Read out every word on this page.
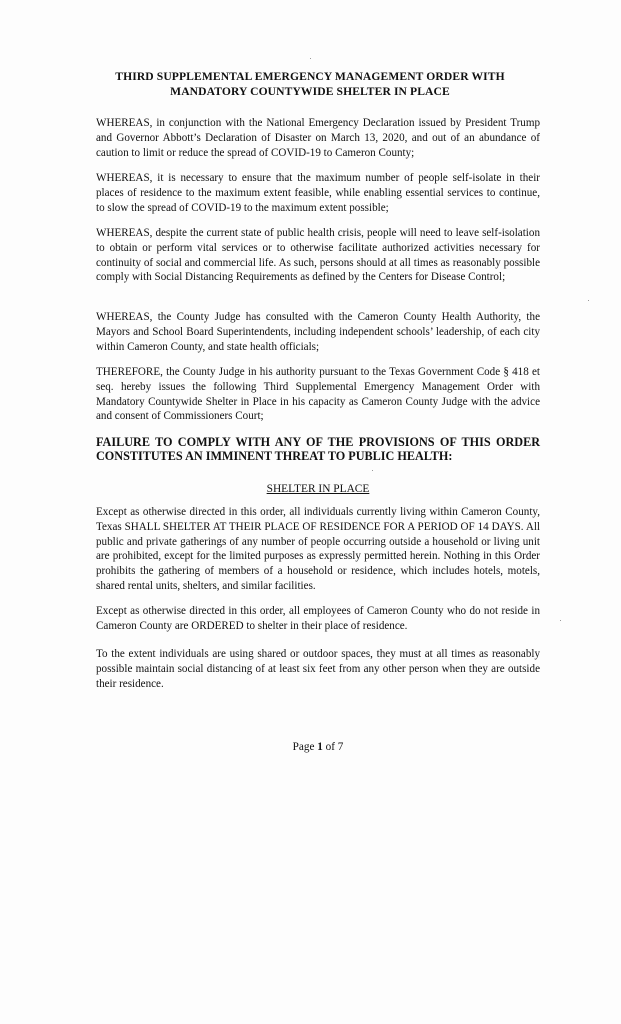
THIRD SUPPLEMENTAL EMERGENCY MANAGEMENT ORDER WITH
MANDATORY COUNTYWIDE SHELTER IN PLACE

WHEREAS, in conjunction with the National Emergency Declaration issued by President Trump and Governor Abbott’s Declaration of Disaster on March 13, 2020, and out of an abundance of caution to limit or reduce the spread of COVID-19 to Cameron County;

WHEREAS, it is necessary to ensure that the maximum number of people self-isolate in their places of residence to the maximum extent feasible, while enabling essential services to continue, to slow the spread of COVID-19 to the maximum extent possible;

WHEREAS, despite the current state of public health crisis, people will need to leave self-isolation to obtain or perform vital services or to otherwise facilitate authorized activities necessary for continuity of social and commercial life. As such, persons should at all times as reasonably possible comply with Social Distancing Requirements as defined by the Centers for Disease Control;

WHEREAS, the County Judge has consulted with the Cameron County Health Authority, the Mayors and School Board Superintendents, including independent schools’ leadership, of each city within Cameron County, and state health officials;

THEREFORE, the County Judge in his authority pursuant to the Texas Government Code § 418 et seq. hereby issues the following Third Supplemental Emergency Management Order with Mandatory Countywide Shelter in Place in his capacity as Cameron County Judge with the advice and consent of Commissioners Court;

FAILURE TO COMPLY WITH ANY OF THE PROVISIONS OF THIS ORDER CONSTITUTES AN IMMINENT THREAT TO PUBLIC HEALTH:

SHELTER IN PLACE

Except as otherwise directed in this order, all individuals currently living within Cameron County, Texas SHALL SHELTER AT THEIR PLACE OF RESIDENCE FOR A PERIOD OF 14 DAYS. All public and private gatherings of any number of people occurring outside a household or living unit are prohibited, except for the limited purposes as expressly permitted herein. Nothing in this Order prohibits the gathering of members of a household or residence, which includes hotels, motels, shared rental units, shelters, and similar facilities.

Except as otherwise directed in this order, all employees of Cameron County who do not reside in Cameron County are ORDERED to shelter in their place of residence.

To the extent individuals are using shared or outdoor spaces, they must at all times as reasonably possible maintain social distancing of at least six feet from any other person when they are outside their residence.

Page 1 of 7
